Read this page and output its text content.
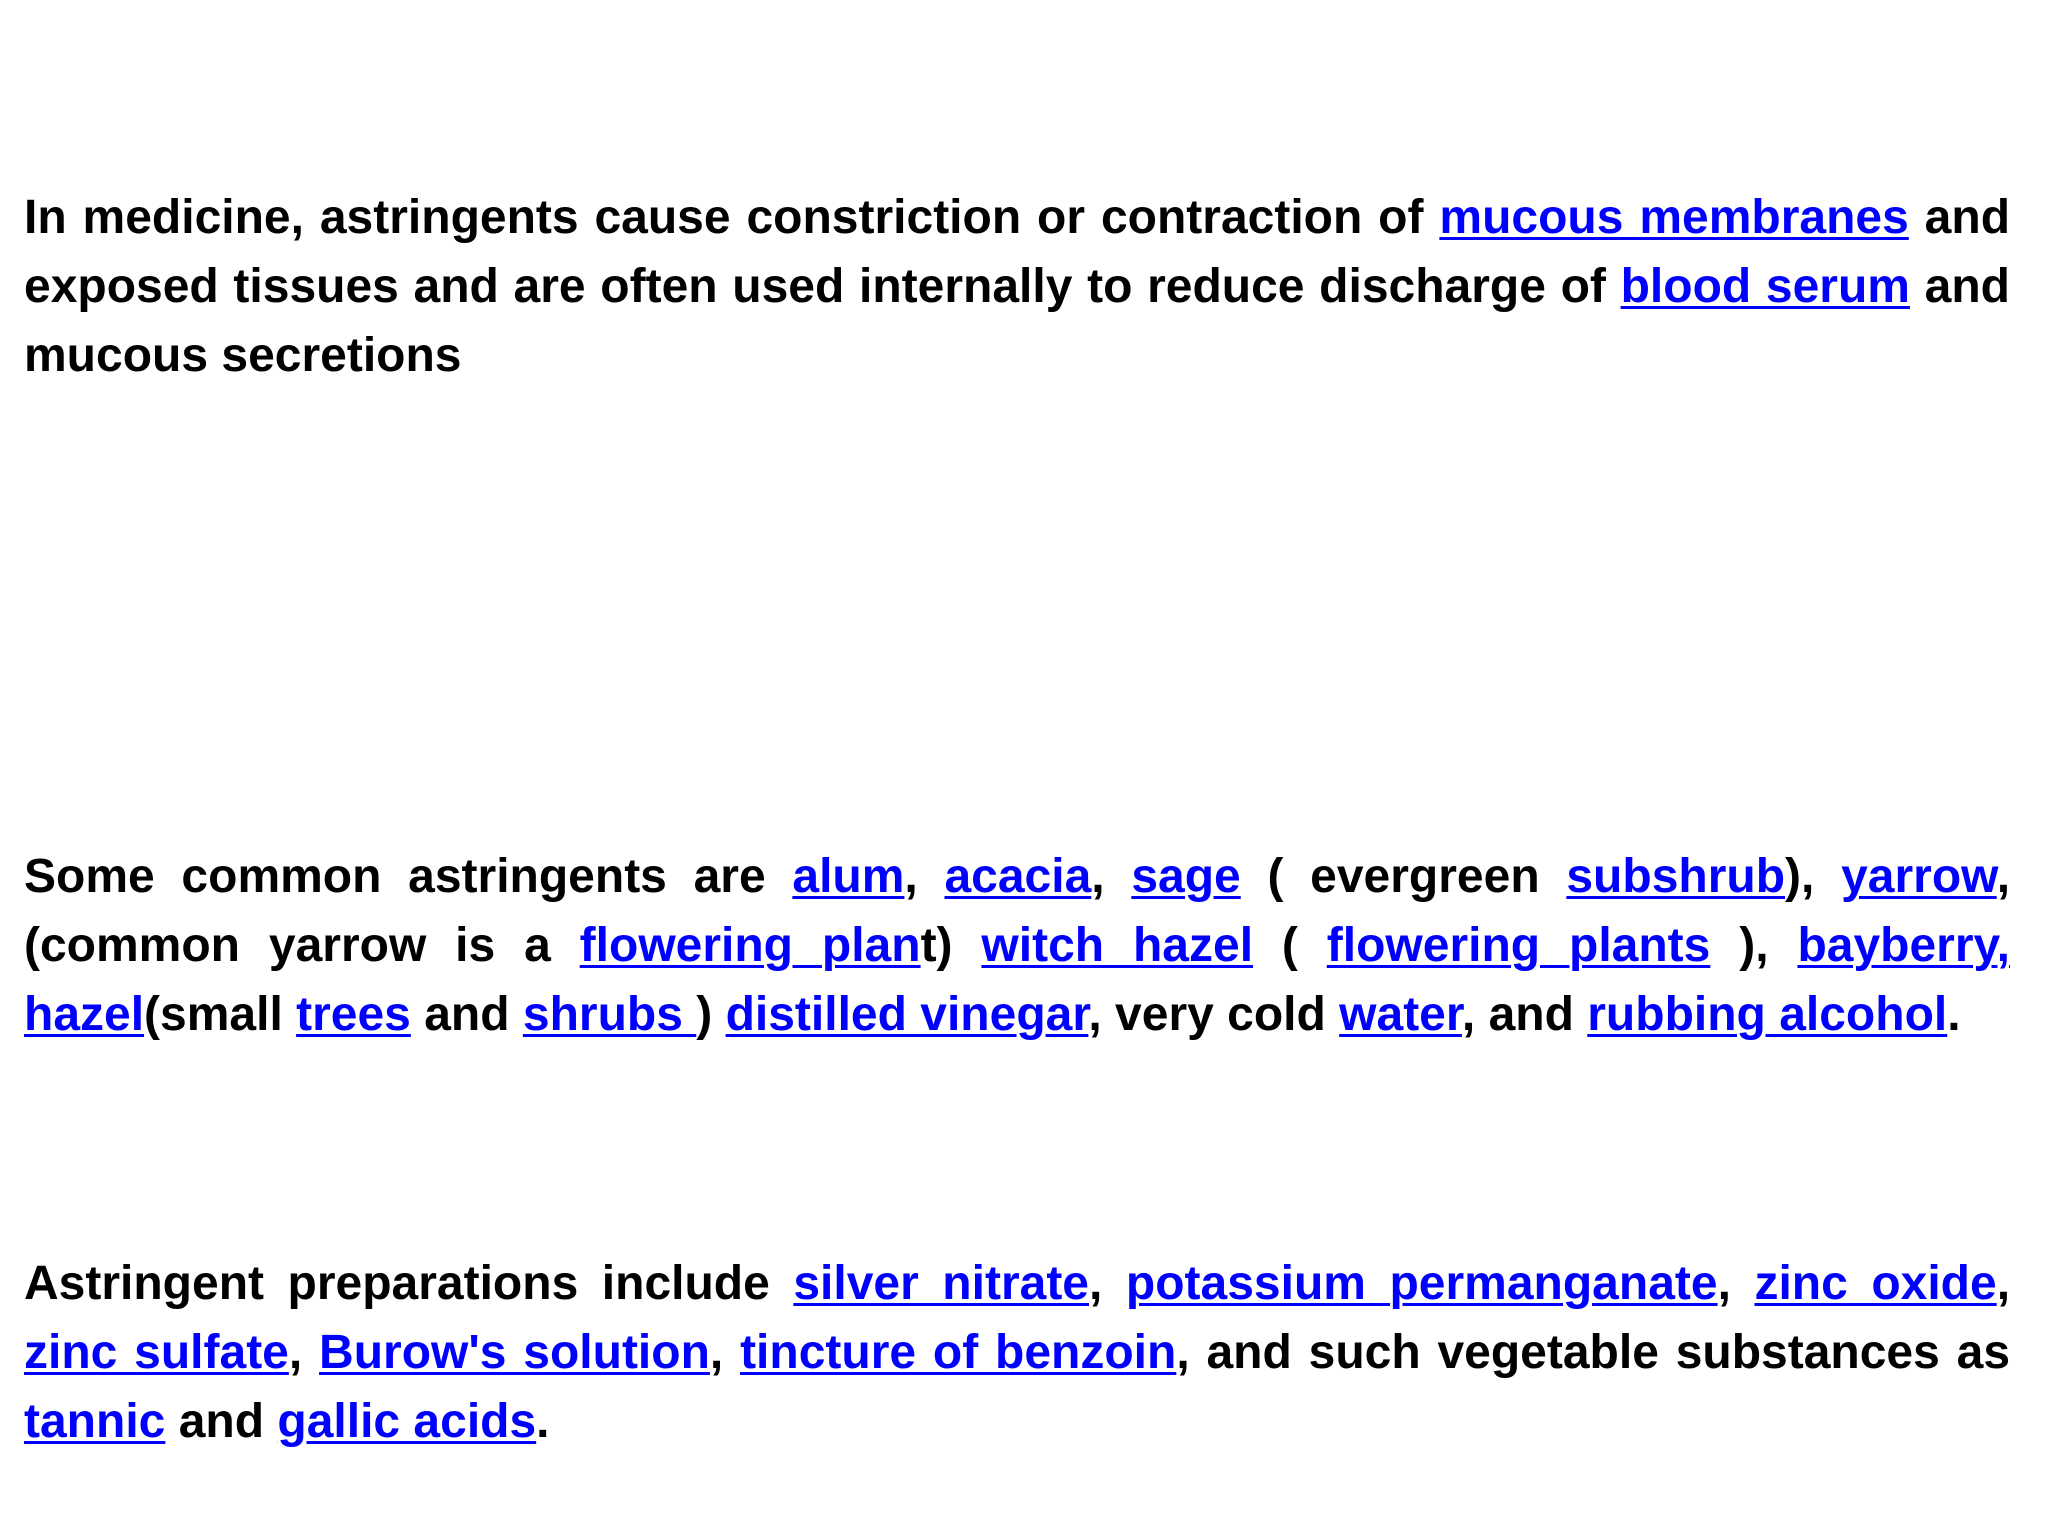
In medicine, astringents cause constriction or contraction of mucous membranes and exposed tissues and are often used internally to reduce discharge of blood serum and mucous secretions

Some common astringents are alum, acacia, sage ( evergreen subshrub), yarrow,(common yarrow is a flowering plant) witch hazel ( flowering plants ), bayberry, hazel(small trees and shrubs ) distilled vinegar, very cold water, and rubbing alcohol.

Astringent preparations include silver nitrate, potassium permanganate, zinc oxide, zinc sulfate, Burow's solution, tincture of benzoin, and such vegetable substances as tannic and gallic acids.
